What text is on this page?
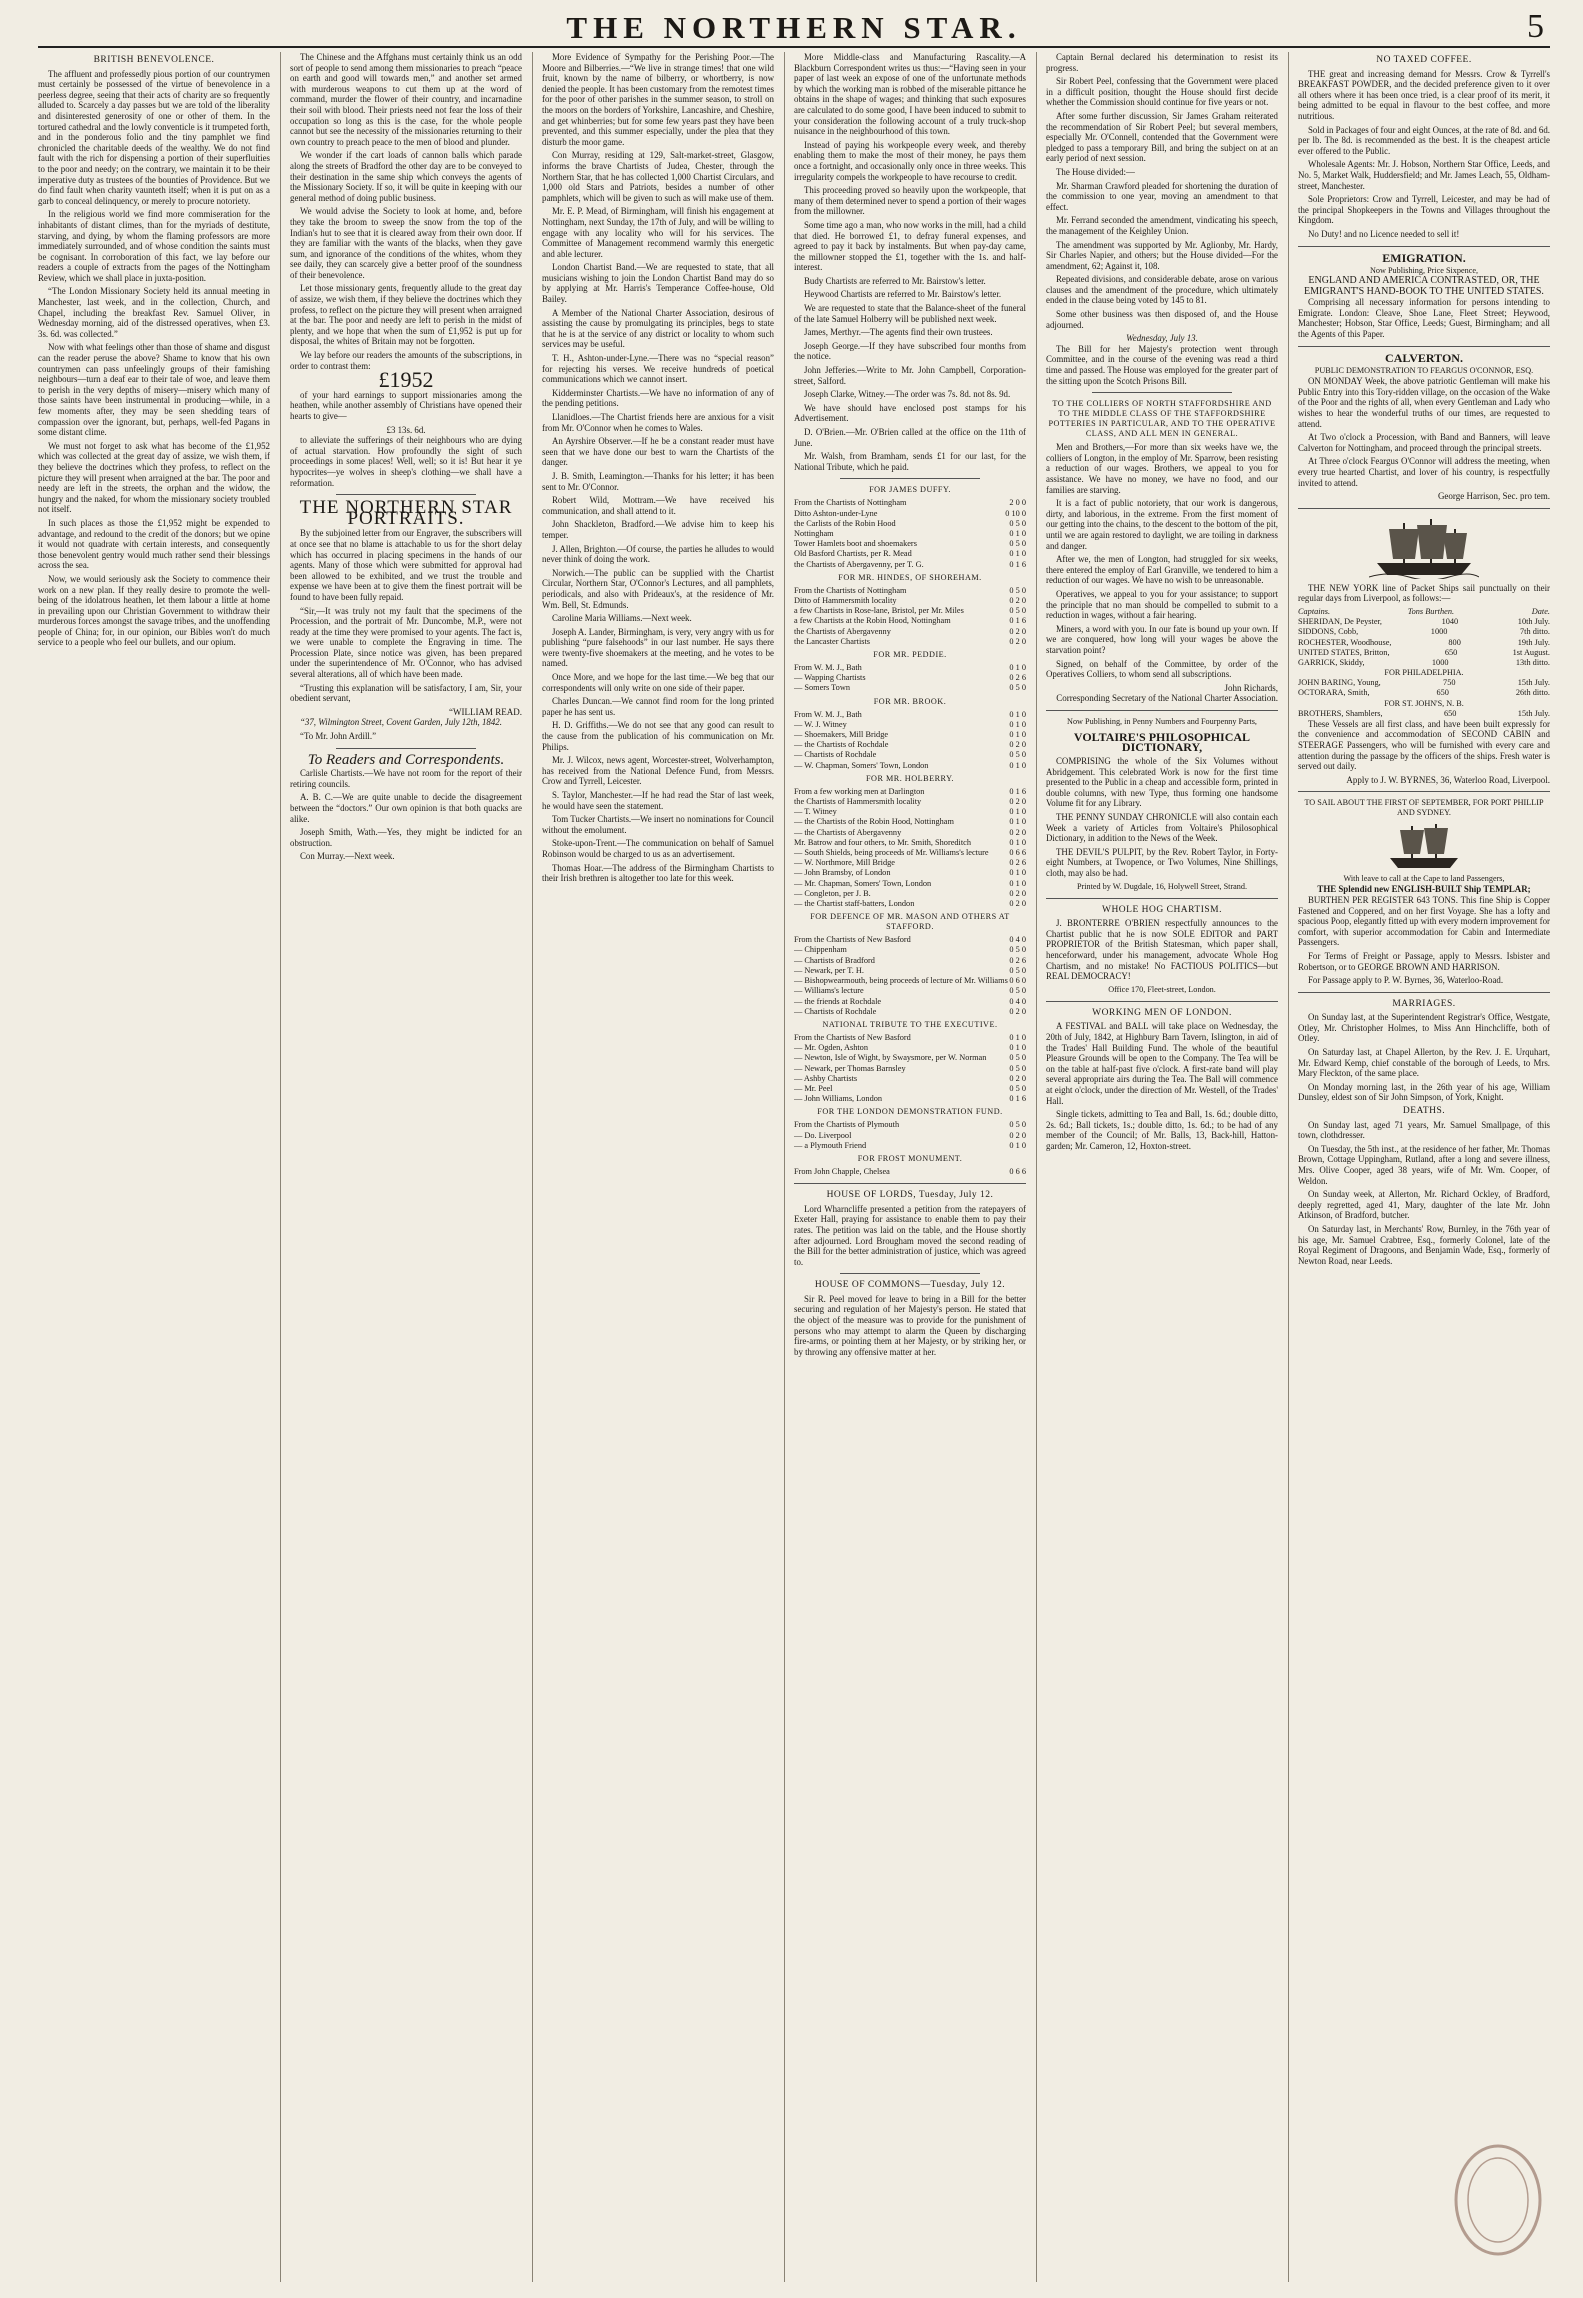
THE NORTHERN STAR.	5
BRITISH BENEVOLENCE.

The affluent and professedly pious portion of our countrymen must certainly be possessed of the virtue of benevolence in a peerless degree, seeing that their acts of charity are so frequently alluded to. Scarcely a day passes but we are told of the liberality and disinterested generosity of one or other of them. In the tortured cathedral and the lowly conventicle is it trumpeted forth, and in the ponderous folio and the tiny pamphlet we find chronicled the charitable deeds of the wealthy. We do not find fault with the rich for dispensing a portion of their superfluities to the poor and needy; on the contrary, we maintain it to be their imperative duty as trustees of the bounties of Providence. But we do find fault when charity vaunteth itself; when it is put on as a garb to conceal delinquency, or merely to procure notoriety.

In the religious world we find more commiseration for the inhabitants of distant climes, than for the myriads of destitute, starving, and dying, by whom the flaming professors are more immediately surrounded, and of whose condition the saints must be cognisant. In corroboration of this fact, we lay before our readers a couple of extracts from the pages of the Nottingham Review, which we shall place in juxta-position.

“The London Missionary Society held its annual meeting in Manchester, last week, and in the collection, Church, and Chapel, including the breakfast Rev. Samuel Oliver, in Wednesday morning, aid of the distressed operatives, when £3. 3s. 6d. was collected.”

Now with what feelings other than those of shame and disgust can the reader peruse the above? Shame to know that his own countrymen can pass unfeelingly groups of their famishing neighbours—turn a deaf ear to their tale of woe, and leave them to perish in the very depths of misery—misery which many of those saints have been instrumental in producing—while, in a few moments after, they may be seen shedding tears of compassion over the ignorant, but, perhaps, well-fed Pagans in some distant clime.

We must not forget to ask what has become of the £1,952 which was collected at the great day of assize, we wish them, if they believe the doctrines which they profess, to reflect on the picture they will present when arraigned at the bar. The poor and needy are left in the streets, the orphan and the widow, the hungry and the naked, for whom the missionary society troubled not itself.

In such places as those the £1,952 might be expended to advantage, and redound to the credit of the donors; but we opine it would not quadrate with certain interests, and consequently those benevolent gentry would much rather send their blessings across the sea.

Now, we would seriously ask the Society to commence their work on a new plan. If they really desire to promote the well-being of the idolatrous heathen, let them labour a little at home in prevailing upon our Christian Government to withdraw their murderous forces amongst the savage tribes, and the unoffending people of China; for, in our opinion, our Bibles won't do much service to a people who feel our bullets, and our opium.

The Chinese and the Affghans must certainly think us an odd sort of people to send among them missionaries to preach “peace on earth and good will towards men,” and another set armed with murderous weapons to cut them up at the word of command, murder the flower of their country, and incarnadine their soil with blood. Their priests need not fear the loss of their occupation so long as this is the case, for the whole people cannot but see the necessity of the missionaries returning to their own country to preach peace to the men of blood and plunder.

We wonder if the cart loads of cannon balls which parade along the streets of Bradford the other day are to be conveyed to their destination in the same ship which conveys the agents of the Missionary Society. If so, it will be quite in keeping with our general method of doing public business.

We would advise the Society to look at home, and, before they take the broom to sweep the snow from the top of the Indian's hut to see that it is cleared away from their own door. If they are familiar with the wants of the blacks, when they gave sum, and ignorance of the conditions of the whites, whom they see daily, they can scarcely give a better proof of the soundness of their benevolence.

Let those missionary gents, frequently allude to the great day of assize, we wish them, if they believe the doctrines which they profess, to reflect on the picture they will present when arraigned at the bar. The poor and needy are left to perish in the midst of plenty, and we hope that when the sum of £1,952 is put up for disposal, the whites of Britain may not be forgotten.

We lay before our readers the amounts of the subscriptions, in order to contrast them:

£1952

of your hard earnings to support missionaries among the heathen, while another assembly of Christians have opened their hearts to give—

£3 13s. 6d.

to alleviate the sufferings of their neighbours who are dying of actual starvation. How profoundly the sight of such proceedings in some places! Well, well; so it is! But hear it ye hypocrites—ye wolves in sheep's clothing—we shall have a reformation.

THE NORTHERN STAR PORTRAITS.

By the subjoined letter from our Engraver, the subscribers will at once see that no blame is attachable to us for the short delay which has occurred in placing specimens in the hands of our agents. Many of those which were submitted for approval had been allowed to be exhibited, and we trust the trouble and expense we have been at to give them the finest portrait will be found to have been fully repaid.

“Sir,—It was truly not my fault that the specimens of the Procession, and the portrait of Mr. Duncombe, M.P., were not ready at the time they were promised to your agents. The fact is, we were unable to complete the Engraving in time. The Procession Plate, since notice was given, has been prepared under the superintendence of Mr. O'Connor, who has advised several alterations, all of which have been made.

“Trusting this explanation will be satisfactory, I am, Sir, your obedient servant,

“WILLIAM READ.

“37, Wilmington Street, Covent Garden, July 12th, 1842.

“To Mr. John Ardill.”

To Readers and Correspondents.

Carlisle Chartists.—We have not room for the report of their retiring councils.

A. B. C.—We are quite unable to decide the disagreement between the “doctors.” Our own opinion is that both quacks are alike.

Joseph Smith, Wath.—Yes, they might be indicted for an obstruction.

Con Murray.—Next week.

More Evidence of Sympathy for the Perishing Poor.—The Moore and Bilberries.—“We live in strange times! that one wild fruit, known by the name of bilberry, or whortberry, is now denied the people. It has been customary from the remotest times for the poor of other parishes in the summer season, to stroll on the moors on the borders of Yorkshire, Lancashire, and Cheshire, and get whinberries; but for some few years past they have been prevented, and this summer especially, under the plea that they disturb the moor game.

Con Murray, residing at 129, Salt-market-street, Glasgow, informs the brave Chartists of Judea, Chester, through the Northern Star, that he has collected 1,000 Chartist Circulars, and 1,000 old Stars and Patriots, besides a number of other pamphlets, which will be given to such as will make use of them.

Mr. E. P. Mead, of Birmingham, will finish his engagement at Nottingham, next Sunday, the 17th of July, and will be willing to engage with any locality who will for his services. The Committee of Management recommend warmly this energetic and able lecturer.

London Chartist Band.—We are requested to state, that all musicians wishing to join the London Chartist Band may do so by applying at Mr. Harris's Temperance Coffee-house, Old Bailey.

A Member of the National Charter Association, desirous of assisting the cause by promulgating its principles, begs to state that he is at the service of any district or locality to whom such services may be useful.

T. H., Ashton-under-Lyne.—There was no “special reason” for rejecting his verses. We receive hundreds of poetical communications which we cannot insert.

Kidderminster Chartists.—We have no information of any of the pending petitions.

Llanidloes.—The Chartist friends here are anxious for a visit from Mr. O'Connor when he comes to Wales.

An Ayrshire Observer.—If he be a constant reader must have seen that we have done our best to warn the Chartists of the danger.

J. B. Smith, Leamington.—Thanks for his letter; it has been sent to Mr. O'Connor.

Robert Wild, Mottram.—We have received his communication, and shall attend to it.

John Shackleton, Bradford.—We advise him to keep his temper.

J. Allen, Brighton.—Of course, the parties he alludes to would never think of doing the work.

Norwich.—The public can be supplied with the Chartist Circular, Northern Star, O'Connor's Lectures, and all pamphlets, periodicals, and also with Prideaux's, at the residence of Mr. Wm. Bell, St. Edmunds.

Caroline Maria Williams.—Next week.

Joseph A. Lander, Birmingham, is very, very angry with us for publishing “pure falsehoods” in our last number. He says there were twenty-five shoemakers at the meeting, and he votes to be named.

Once More, and we hope for the last time.—We beg that our correspondents will only write on one side of their paper.

Charles Duncan.—We cannot find room for the long printed paper he has sent us.

H. D. Griffiths.—We do not see that any good can result to the cause from the publication of his communication on Mr. Philips.

Mr. J. Wilcox, news agent, Worcester-street, Wolverhampton, has received from the National Defence Fund, from Messrs. Crow and Tyrrell, Leicester.

S. Taylor, Manchester.—If he had read the Star of last week, he would have seen the statement.

Tom Tucker Chartists.—We insert no nominations for Council without the emolument.

Stoke-upon-Trent.—The communication on behalf of Samuel Robinson would be charged to us as an advertisement.

Thomas Hoar.—The address of the Birmingham Chartists to their Irish brethren is altogether too late for this week.

More Middle-class and Manufacturing Rascality.—A Blackburn Correspondent writes us thus:—“Having seen in your paper of last week an expose of one of the unfortunate methods by which the working man is robbed of the miserable pittance he obtains in the shape of wages; and thinking that such exposures are calculated to do some good, I have been induced to submit to your consideration the following account of a truly truck-shop nuisance in the neighbourhood of this town.

Instead of paying his workpeople every week, and thereby enabling them to make the most of their money, he pays them once a fortnight, and occasionally only once in three weeks. This irregularity compels the workpeople to have recourse to credit.

This proceeding proved so heavily upon the workpeople, that many of them determined never to spend a portion of their wages from the millowner.

Some time ago a man, who now works in the mill, had a child that died. He borrowed £1, to defray funeral expenses, and agreed to pay it back by instalments. But when pay-day came, the millowner stopped the £1, together with the 1s. and half-interest.

Budy Chartists are referred to Mr. Bairstow's letter.

Heywood Chartists are referred to Mr. Bairstow's letter.

We are requested to state that the Balance-sheet of the funeral of the late Samuel Holberry will be published next week.

James, Merthyr.—The agents find their own trustees.

Joseph George.—If they have subscribed four months from the notice.

John Jefferies.—Write to Mr. John Campbell, Corporation-street, Salford.

Joseph Clarke, Witney.—The order was 7s. 8d. not 8s. 9d.

We have should have enclosed post stamps for his Advertisement.

D. O'Brien.—Mr. O'Brien called at the office on the 11th of June.

Mr. Walsh, from Bramham, sends £1 for our last, for the National Tribute, which he paid.

FOR JAMES DUFFY.
From the Chartists of Nottingham	2 0 0
Ditto Ashton-under-Lyne	0 10 0
the Carlists of the Robin Hood	0 5 0
Nottingham	0 1 0
Tower Hamlets boot and shoemakers	0 5 0
Old Basford Chartists, per R. Mead	0 1 0
the Chartists of Abergavenny, per T. G.	0 1 6
FOR MR. HINDES, OF SHOREHAM.
From the Chartists of Nottingham	0 5 0
Ditto of Hammersmith locality	0 2 0
a few Chartists in Rose-lane, Bristol, per Mr. Miles	0 5 0
a few Chartists at the Robin Hood, Nottingham	0 1 6
the Chartists of Abergavenny	0 2 0
the Lancaster Chartists	0 2 0
FOR MR. PEDDIE.
From W. M. J., Bath	0 1 0
— Wapping Chartists	0 2 6
— Somers Town	0 5 0
FOR MR. BROOK.
From W. M. J., Bath	0 1 0
— W. J. Witney	0 1 0
— Shoemakers, Mill Bridge	0 1 0
— the Chartists of Rochdale	0 2 0
— Chartists of Rochdale	0 5 0
— W. Chapman, Somers' Town, London	0 1 0
FOR MR. HOLBERRY.
From a few working men at Darlington	0 1 6
the Chartists of Hammersmith locality	0 2 0
— T. Witney	0 1 0
— the Chartists of the Robin Hood, Nottingham	0 1 0
— the Chartists of Abergavenny	0 2 0
Mr. Batrow and four others, to Mr. Smith, Shoreditch	0 1 0
— South Shields, being proceeds of Mr. Williams's lecture	0 6 6
— W. Northmore, Mill Bridge	0 2 6
— John Bramsby, of London	0 1 0
— Mr. Chapman, Somers' Town, London	0 1 0
— Congleton, per J. B.	0 2 0
— the Chartist staff-batters, London	0 2 0
FOR DEFENCE OF MR. MASON AND OTHERS AT STAFFORD.
From the Chartists of New Basford	0 4 0
— Chippenham	0 5 0
— Chartists of Bradford	0 2 6
— Newark, per T. H.	0 5 0
— Bishopwearmouth, being proceeds of lecture of Mr. Williams 0 6 0
— Williams's lecture	0 5 0
— the friends at Rochdale	0 4 0
— Chartists of Rochdale	0 2 0
NATIONAL TRIBUTE TO THE EXECUTIVE.
From the Chartists of New Basford	0 1 0
— Mr. Ogden, Ashton	0 1 0
— Newton, Isle of Wight, by Swaysmore, per W. Norman	0 5 0
— Newark, per Thomas Barnsley	0 5 0
— Ashby Chartists	0 2 0
— Mr. Peel	0 5 0
— John Williams, London	0 1 6
FOR THE LONDON DEMONSTRATION FUND.
From the Chartists of Plymouth	0 5 0
— Do. Liverpool	0 2 0
— a Plymouth Friend	0 1 0
FOR FROST MONUMENT.
From John Chapple, Chelsea	0 6 6
HOUSE OF LORDS, Tuesday, July 12.

Lord Wharncliffe presented a petition from the ratepayers of Exeter Hall, praying for assistance to enable them to pay their rates. The petition was laid on the table, and the House shortly after adjourned. Lord Brougham moved the second reading of the Bill for the better administration of justice, which was agreed to.

HOUSE OF COMMONS—Tuesday, July 12.

Sir R. Peel moved for leave to bring in a Bill for the better securing and regulation of her Majesty's person. He stated that the object of the measure was to provide for the punishment of persons who may attempt to alarm the Queen by discharging fire-arms, or pointing them at her Majesty, or by striking her, or by throwing any offensive matter at her.

Captain Bernal declared his determination to resist its progress.

Sir Robert Peel, confessing that the Government were placed in a difficult position, thought the House should first decide whether the Commission should continue for five years or not.

After some further discussion, Sir James Graham reiterated the recommendation of Sir Robert Peel; but several members, especially Mr. O'Connell, contended that the Government were pledged to pass a temporary Bill, and bring the subject on at an early period of next session.

The House divided:—

Mr. Sharman Crawford pleaded for shortening the duration of the commission to one year, moving an amendment to that effect.

Mr. Ferrand seconded the amendment, vindicating his speech, the management of the Keighley Union.

The amendment was supported by Mr. Aglionby, Mr. Hardy, Sir Charles Napier, and others; but the House divided—For the amendment, 62; Against it, 108.

Repeated divisions, and considerable debate, arose on various clauses and the amendment of the procedure, which ultimately ended in the clause being voted by 145 to 81.

Some other business was then disposed of, and the House adjourned.

Wednesday, July 13.

The Bill for her Majesty's protection went through Committee, and in the course of the evening was read a third time and passed. The House was employed for the greater part of the sitting upon the Scotch Prisons Bill.

TO THE COLLIERS OF NORTH STAFFORDSHIRE AND TO THE MIDDLE CLASS OF THE STAFFORDSHIRE POTTERIES IN PARTICULAR, AND TO THE OPERATIVE CLASS, AND ALL MEN IN GENERAL.

Men and Brothers,—For more than six weeks have we, the colliers of Longton, in the employ of Mr. Sparrow, been resisting a reduction of our wages. Brothers, we appeal to you for assistance. We have no money, we have no food, and our families are starving.

It is a fact of public notoriety, that our work is dangerous, dirty, and laborious, in the extreme. From the first moment of our getting into the chains, to the descent to the bottom of the pit, until we are again restored to daylight, we are toiling in darkness and danger.

After we, the men of Longton, had struggled for six weeks, there entered the employ of Earl Granville, we tendered to him a reduction of our wages. We have no wish to be unreasonable.

Operatives, we appeal to you for your assistance; to support the principle that no man should be compelled to submit to a reduction in wages, without a fair hearing.

Miners, a word with you. In our fate is bound up your own. If we are conquered, how long will your wages be above the starvation point?

Signed, on behalf of the Committee, by order of the Operatives Colliers, to whom send all subscriptions.

John Richards,
Corresponding Secretary of the National Charter Association.
Now Publishing, in Penny Numbers and Fourpenny Parts,
VOLTAIRE'S PHILOSOPHICAL DICTIONARY,

COMPRISING the whole of the Six Volumes without Abridgement. This celebrated Work is now for the first time presented to the Public in a cheap and accessible form, printed in double columns, with new Type, thus forming one handsome Volume fit for any Library.

THE PENNY SUNDAY CHRONICLE will also contain each Week a variety of Articles from Voltaire's Philosophical Dictionary, in addition to the News of the Week.

THE DEVIL'S PULPIT, by the Rev. Robert Taylor, in Forty-eight Numbers, at Twopence, or Two Volumes, Nine Shillings, cloth, may also be had.

Printed by W. Dugdale, 16, Holywell Street, Strand.
WHOLE HOG CHARTISM.

J. BRONTERRE O'BRIEN respectfully announces to the Chartist public that he is now SOLE EDITOR and PART PROPRIETOR of the British Statesman, which paper shall, henceforward, under his management, advocate Whole Hog Chartism, and no mistake! No FACTIOUS POLITICS—but REAL DEMOCRACY!

Office 170, Fleet-street, London.
WORKING MEN OF LONDON.

A FESTIVAL and BALL will take place on Wednesday, the 20th of July, 1842, at Highbury Barn Tavern, Islington, in aid of the Trades' Hall Building Fund. The whole of the beautiful Pleasure Grounds will be open to the Company. The Tea will be on the table at half-past five o'clock. A first-rate band will play several appropriate airs during the Tea. The Ball will commence at eight o'clock, under the direction of Mr. Westell, of the Trades' Hall.

Single tickets, admitting to Tea and Ball, 1s. 6d.; double ditto, 2s. 6d.; Ball tickets, 1s.; double ditto, 1s. 6d.; to be had of any member of the Council; of Mr. Balls, 13, Back-hill, Hatton-garden; Mr. Cameron, 12, Hoxton-street.

NO TAXED COFFEE.

THE great and increasing demand for Messrs. Crow & Tyrrell's BREAKFAST POWDER, and the decided preference given to it over all others where it has been once tried, is a clear proof of its merit, it being admitted to be equal in flavour to the best coffee, and more nutritious.

Sold in Packages of four and eight Ounces, at the rate of 8d. and 6d. per lb. The 8d. is recommended as the best. It is the cheapest article ever offered to the Public.

Wholesale Agents: Mr. J. Hobson, Northern Star Office, Leeds, and No. 5, Market Walk, Huddersfield; and Mr. James Leach, 55, Oldham-street, Manchester.

Sole Proprietors: Crow and Tyrrell, Leicester, and may be had of the principal Shopkeepers in the Towns and Villages throughout the Kingdom.

No Duty! and no Licence needed to sell it!

EMIGRATION.
Now Publishing, Price Sixpence,
ENGLAND AND AMERICA CONTRASTED, OR, THE EMIGRANT'S HAND-BOOK TO THE UNITED STATES.

Comprising all necessary information for persons intending to Emigrate. London: Cleave, Shoe Lane, Fleet Street; Heywood, Manchester; Hobson, Star Office, Leeds; Guest, Birmingham; and all the Agents of this Paper.

CALVERTON.
PUBLIC DEMONSTRATION TO FEARGUS O'CONNOR, ESQ.

ON MONDAY Week, the above patriotic Gentleman will make his Public Entry into this Tory-ridden village, on the occasion of the Wake of the Poor and the rights of all, when every Gentleman and Lady who wishes to hear the wonderful truths of our times, are requested to attend.

At Two o'clock a Procession, with Band and Banners, will leave Calverton for Nottingham, and proceed through the principal streets.

At Three o'clock Feargus O'Connor will address the meeting, when every true hearted Chartist, and lover of his country, is respectfully invited to attend.

George Harrison, Sec. pro tem.

THE NEW YORK line of Packet Ships sail punctually on their regular days from Liverpool, as follows:—

Captains.	Tons Burthen.	Date.
SHERIDAN, De Peyster,	1040	10th July.
SIDDONS, Cobb,	1000	7th ditto.
ROCHESTER, Woodhouse,	800	19th July.
UNITED STATES, Britton,	650	1st August.
GARRICK, Skiddy,	1000	13th ditto.
FOR PHILADELPHIA.
JOHN BARING, Young,	750	15th July.
OCTORARA, Smith,	650	26th ditto.
FOR ST. JOHN'S, N. B.
BROTHERS, Shamblers,	650	15th July.

These Vessels are all first class, and have been built expressly for the convenience and accommodation of SECOND CABIN and STEERAGE Passengers, who will be furnished with every care and attention during the passage by the officers of the ships. Fresh water is served out daily.

Apply to J. W. BYRNES, 36, Waterloo Road, Liverpool.
TO SAIL ABOUT THE FIRST OF SEPTEMBER, FOR PORT PHILLIP AND SYDNEY.
With leave to call at the Cape to land Passengers,
THE Splendid new ENGLISH-BUILT Ship TEMPLAR;

BURTHEN PER REGISTER 643 TONS. This fine Ship is Copper Fastened and Coppered, and on her first Voyage. She has a lofty and spacious Poop, elegantly fitted up with every modern improvement for comfort, with superior accommodation for Cabin and Intermediate Passengers.

For Terms of Freight or Passage, apply to Messrs. Isbister and Robertson, or to GEORGE BROWN AND HARRISON.

For Passage apply to P. W. Byrnes, 36, Waterloo-Road.

MARRIAGES.

On Sunday last, at the Superintendent Registrar's Office, Westgate, Otley, Mr. Christopher Holmes, to Miss Ann Hinchcliffe, both of Otley.

On Saturday last, at Chapel Allerton, by the Rev. J. E. Urquhart, Mr. Edward Kemp, chief constable of the borough of Leeds, to Mrs. Mary Fleckton, of the same place.

On Monday morning last, in the 26th year of his age, William Dunsley, eldest son of Sir John Simpson, of York, Knight.

DEATHS.

On Sunday last, aged 71 years, Mr. Samuel Smallpage, of this town, clothdresser.

On Tuesday, the 5th inst., at the residence of her father, Mr. Thomas Brown, Cottage Uppingham, Rutland, after a long and severe illness, Mrs. Olive Cooper, aged 38 years, wife of Mr. Wm. Cooper, of Weldon.

On Sunday week, at Allerton, Mr. Richard Ockley, of Bradford, deeply regretted, aged 41, Mary, daughter of the late Mr. John Atkinson, of Bradford, butcher.

On Saturday last, in Merchants' Row, Burnley, in the 76th year of his age, Mr. Samuel Crabtree, Esq., formerly Colonel, late of the Royal Regiment of Dragoons, and Benjamin Wade, Esq., formerly of Newton Road, near Leeds.
